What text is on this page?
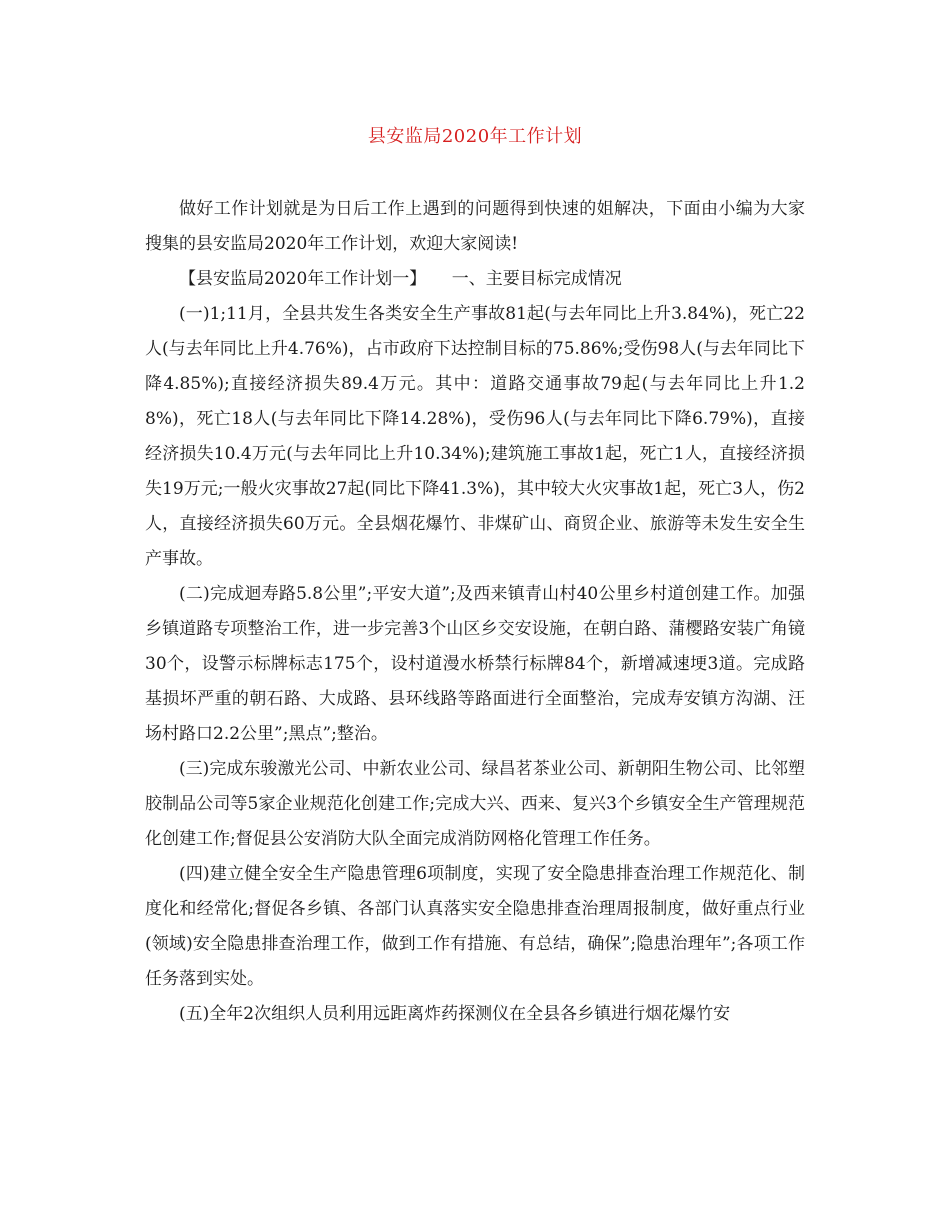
县安监局2020年工作计划

做好工作计划就是为日后工作上遇到的问题得到快速的姐解决，下面由小编为大家搜集的县安监局2020年工作计划，欢迎大家阅读!

【县安监局2020年工作计划一】　　一、主要目标完成情况

(一)1;11月，全县共发生各类安全生产事故81起(与去年同比上升3.84%)，死亡22人(与去年同比上升4.76%)，占市政府下达控制目标的75.86%;受伤98人(与去年同比下降4.85%);直接经济损失89.4万元。其中：道路交通事故79起(与去年同比上升1.28%)，死亡18人(与去年同比下降14.28%)，受伤96人(与去年同比下降6.79%)，直接经济损失10.4万元(与去年同比上升10.34%);建筑施工事故1起，死亡1人，直接经济损失19万元;一般火灾事故27起(同比下降41.3%)，其中较大火灾事故1起，死亡3人，伤2人，直接经济损失60万元。全县烟花爆竹、非煤矿山、商贸企业、旅游等未发生安全生产事故。

(二)完成迴寿路5.8公里”;平安大道”;及西来镇青山村40公里乡村道创建工作。加强乡镇道路专项整治工作，进一步完善3个山区乡交安设施，在朝白路、蒲樱路安装广角镜30个，设警示标牌标志175个，设村道漫水桥禁行标牌84个，新增减速埂3道。完成路基损坏严重的朝石路、大成路、县环线路等路面进行全面整治，完成寿安镇方沟湖、汪场村路口2.2公里”;黑点”;整治。

(三)完成东骏激光公司、中新农业公司、绿昌茗茶业公司、新朝阳生物公司、比邻塑胶制品公司等5家企业规范化创建工作;完成大兴、西来、复兴3个乡镇安全生产管理规范化创建工作;督促县公安消防大队全面完成消防网格化管理工作任务。

(四)建立健全安全生产隐患管理6项制度，实现了安全隐患排查治理工作规范化、制度化和经常化;督促各乡镇、各部门认真落实安全隐患排查治理周报制度，做好重点行业(领域)安全隐患排查治理工作，做到工作有措施、有总结，确保”;隐患治理年”;各项工作任务落到实处。

(五)全年2次组织人员利用远距离炸药探测仪在全县各乡镇进行烟花爆竹安
